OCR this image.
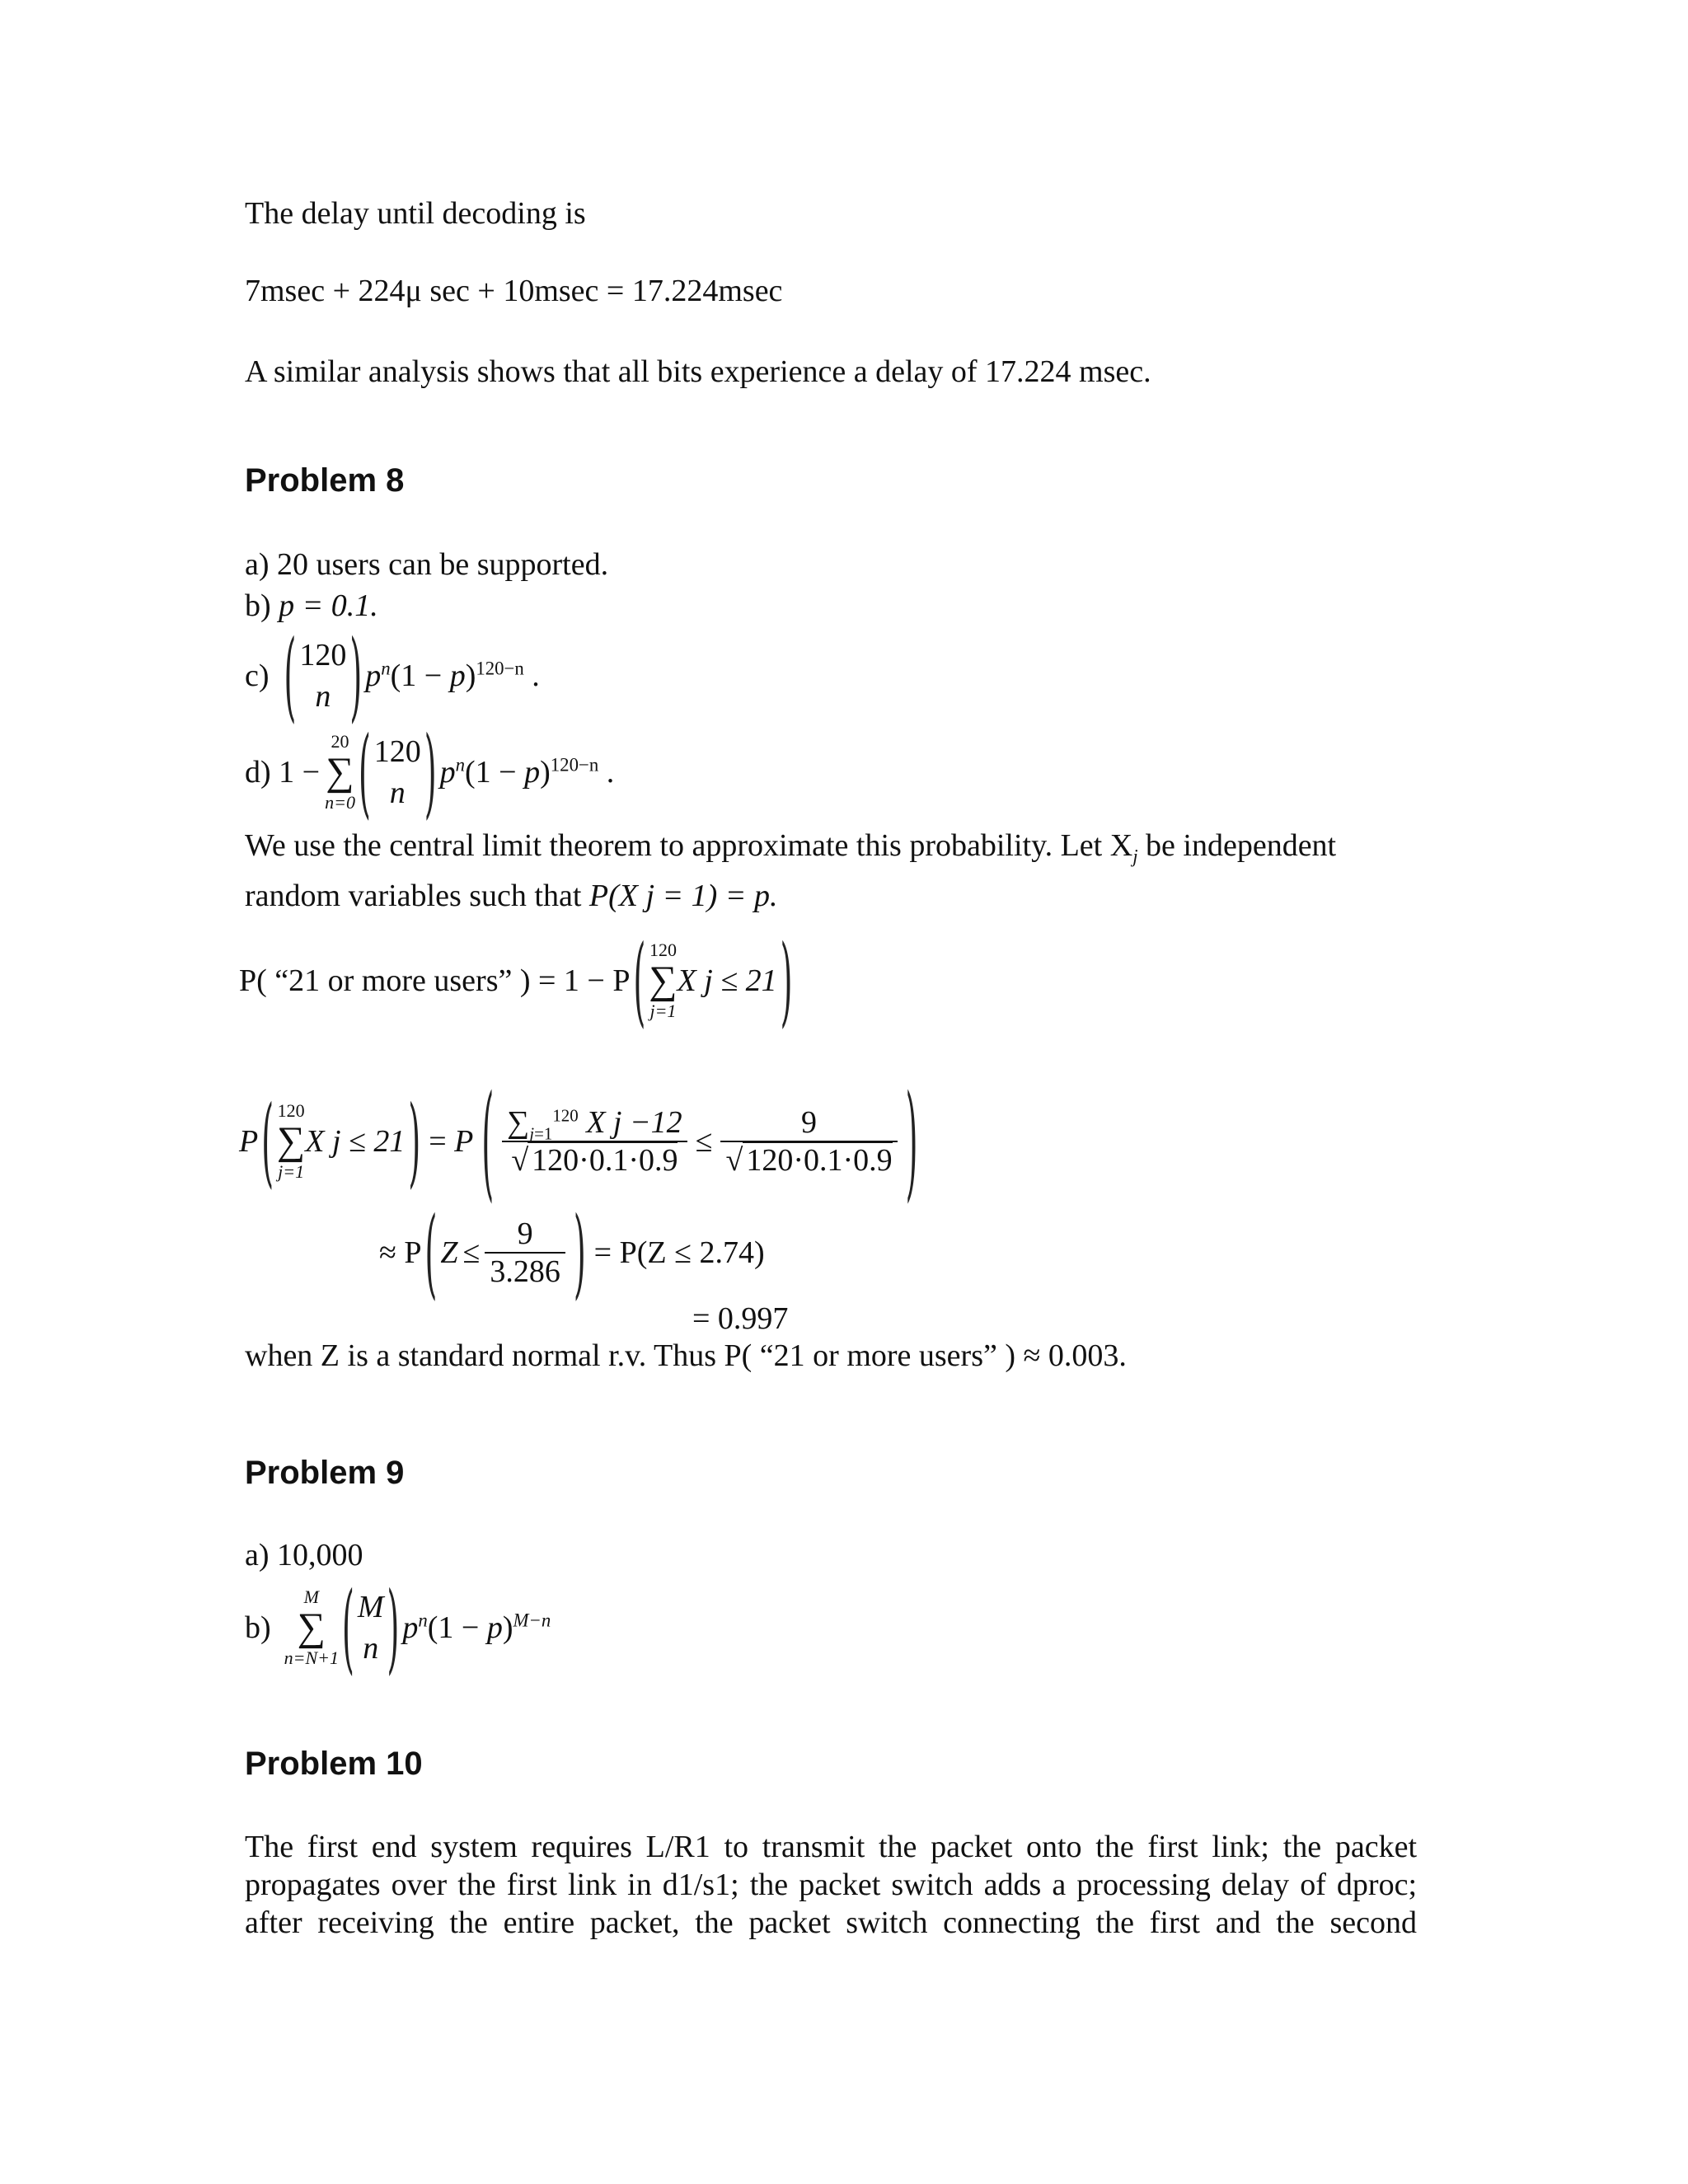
The delay until decoding is
7msec + 224μ sec + 10msec = 17.224msec
A similar analysis shows that all bits experience a delay of 17.224 msec.
Problem 8
a) 20 users can be supported.
b) p = 0.1.
c) ( 120
n ) $p^n(1 - p)^{120-n}$ .
d) 1 −
20
∑
n=0 ( 120
n ) $p^n(1 - p)^{120-n}$ .
We use the central limit theorem to approximate this probability. Let $X_j$ be independent
random variables such that P(X j = 1) = p.
P( “21 or more users” ) = 1 − P ( 120
∑
j=1
X j ≤ 21 )
P ( 120
∑
j=1
X j ≤ 21 ) = P ( $\frac{\sum_{j=1}^{120} X j -12}{√ 120\cdot 0.1\cdot 0.9} \le \frac{9}{√ 120\cdot 0.1\cdot 0.9}$ )
≈ P ( $Z \le \frac{9}{3.286}$ ) = P(Z ≤ 2.74)
= 0.997
when Z is a standard normal r.v. Thus P( “21 or more users” ) ≈ 0.003.
Problem 9
a) 10,000
b)
M
∑
n=N+1 ( M
n ) $p^n(1 - p)^{M-n}$
Problem 10
The first end system requires L/R1 to transmit the packet onto the first link; the packet
propagates over the first link in d1/s1; the packet switch adds a processing delay of dproc;
after receiving the entire packet, the packet switch connecting the first and the second
